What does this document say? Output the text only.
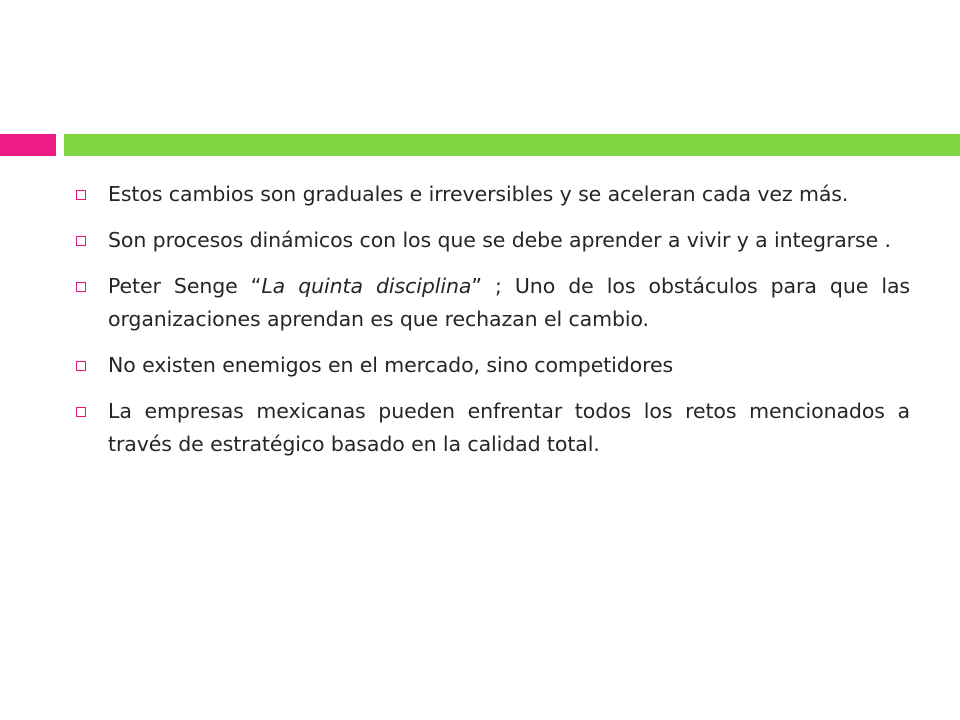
Estos cambios son graduales e irreversibles y se aceleran cada vez más.
Son procesos dinámicos con los que se debe aprender a vivir y a integrarse .
Peter Senge “La quinta disciplina” ; Uno de los obstáculos para que las organizaciones aprendan es que rechazan el cambio.
No existen enemigos en el mercado, sino competidores
La empresas mexicanas pueden enfrentar todos los retos mencionados a través de estratégico basado en la calidad total.
